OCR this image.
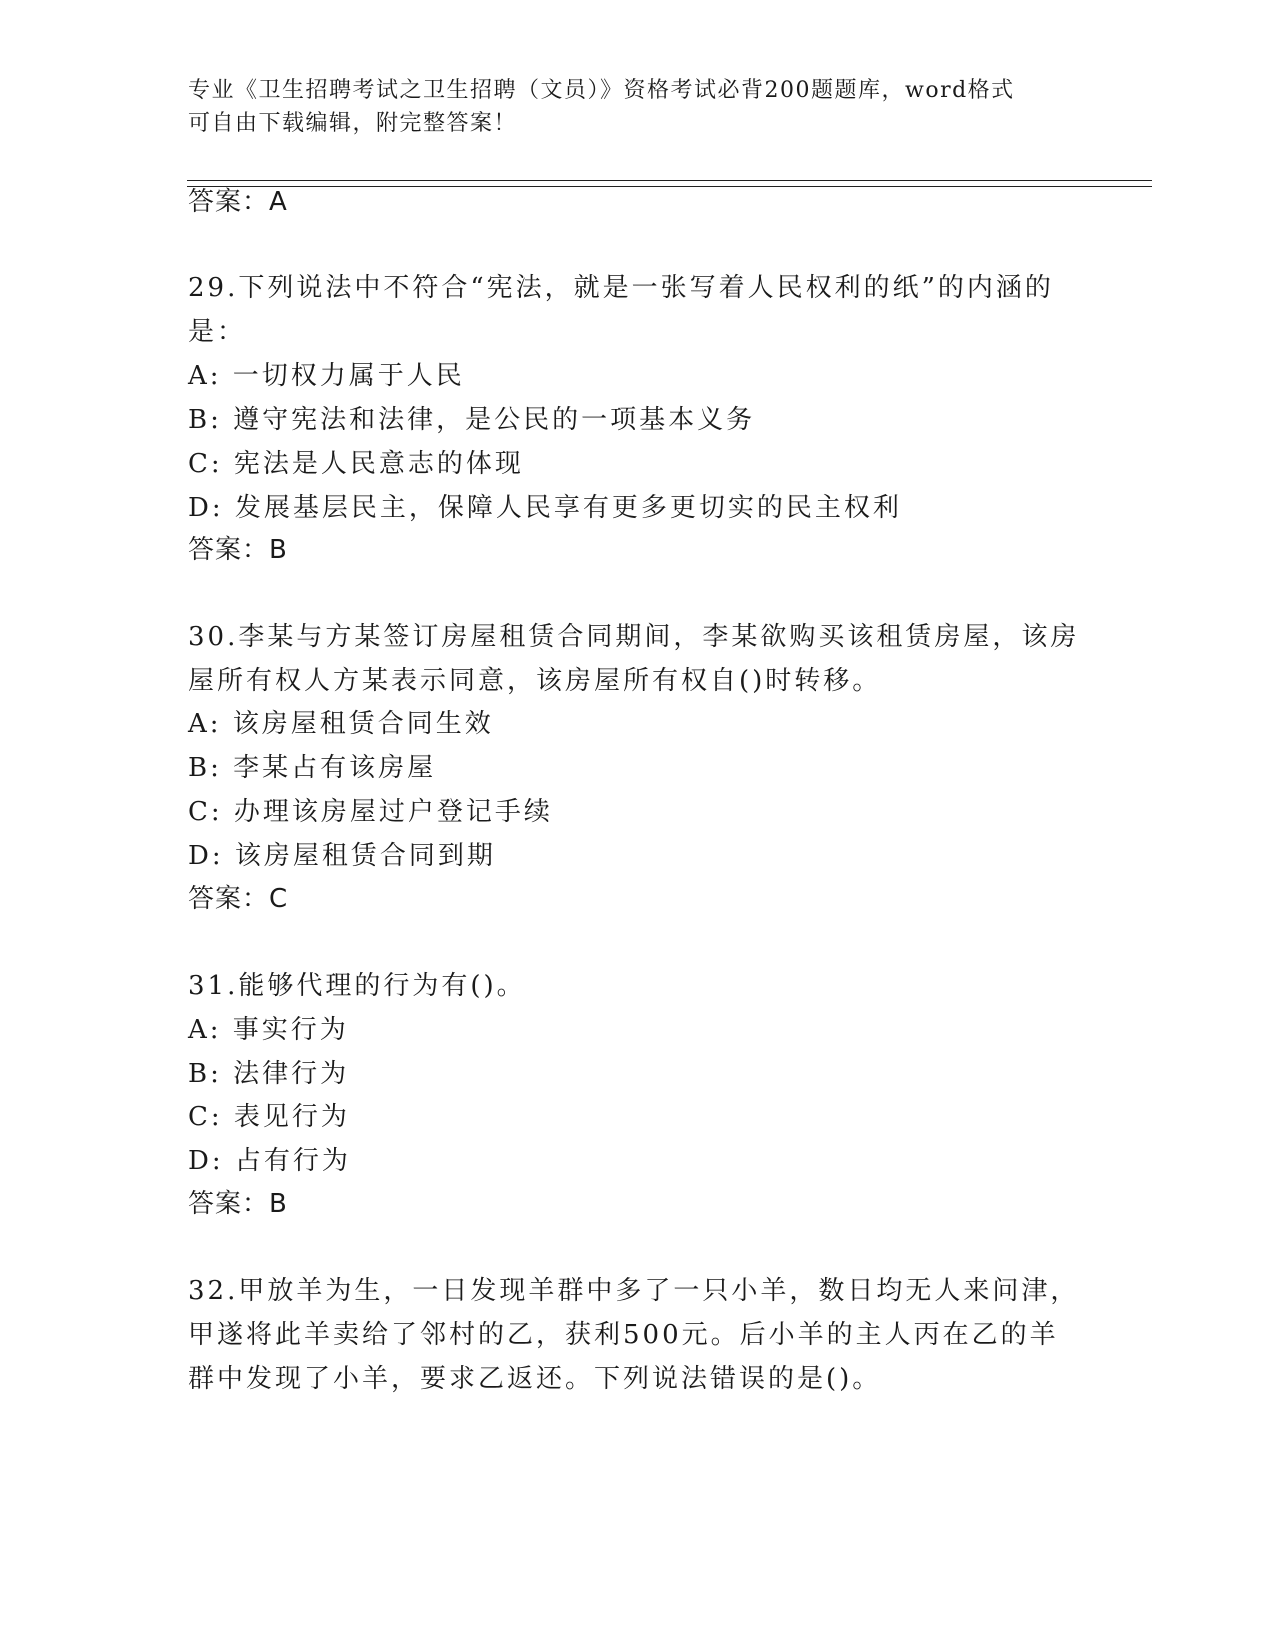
专业《卫生招聘考试之卫生招聘（文员）》资格考试必背200题题库，word格式
可自由下载编辑，附完整答案！
答案：A
29.下列说法中不符合“宪法，就是一张写着人民权利的纸”的内涵的
是：
A: 一切权力属于人民
B: 遵守宪法和法律，是公民的一项基本义务
C: 宪法是人民意志的体现
D: 发展基层民主，保障人民享有更多更切实的民主权利
答案：B
30.李某与方某签订房屋租赁合同期间，李某欲购买该租赁房屋，该房
屋所有权人方某表示同意，该房屋所有权自()时转移。
A: 该房屋租赁合同生效
B: 李某占有该房屋
C: 办理该房屋过户登记手续
D: 该房屋租赁合同到期
答案：C
31.能够代理的行为有()。
A: 事实行为
B: 法律行为
C: 表见行为
D: 占有行为
答案：B
32.甲放羊为生，一日发现羊群中多了一只小羊，数日均无人来问津，
甲遂将此羊卖给了邻村的乙，获利500元。后小羊的主人丙在乙的羊
群中发现了小羊，要求乙返还。下列说法错误的是()。
